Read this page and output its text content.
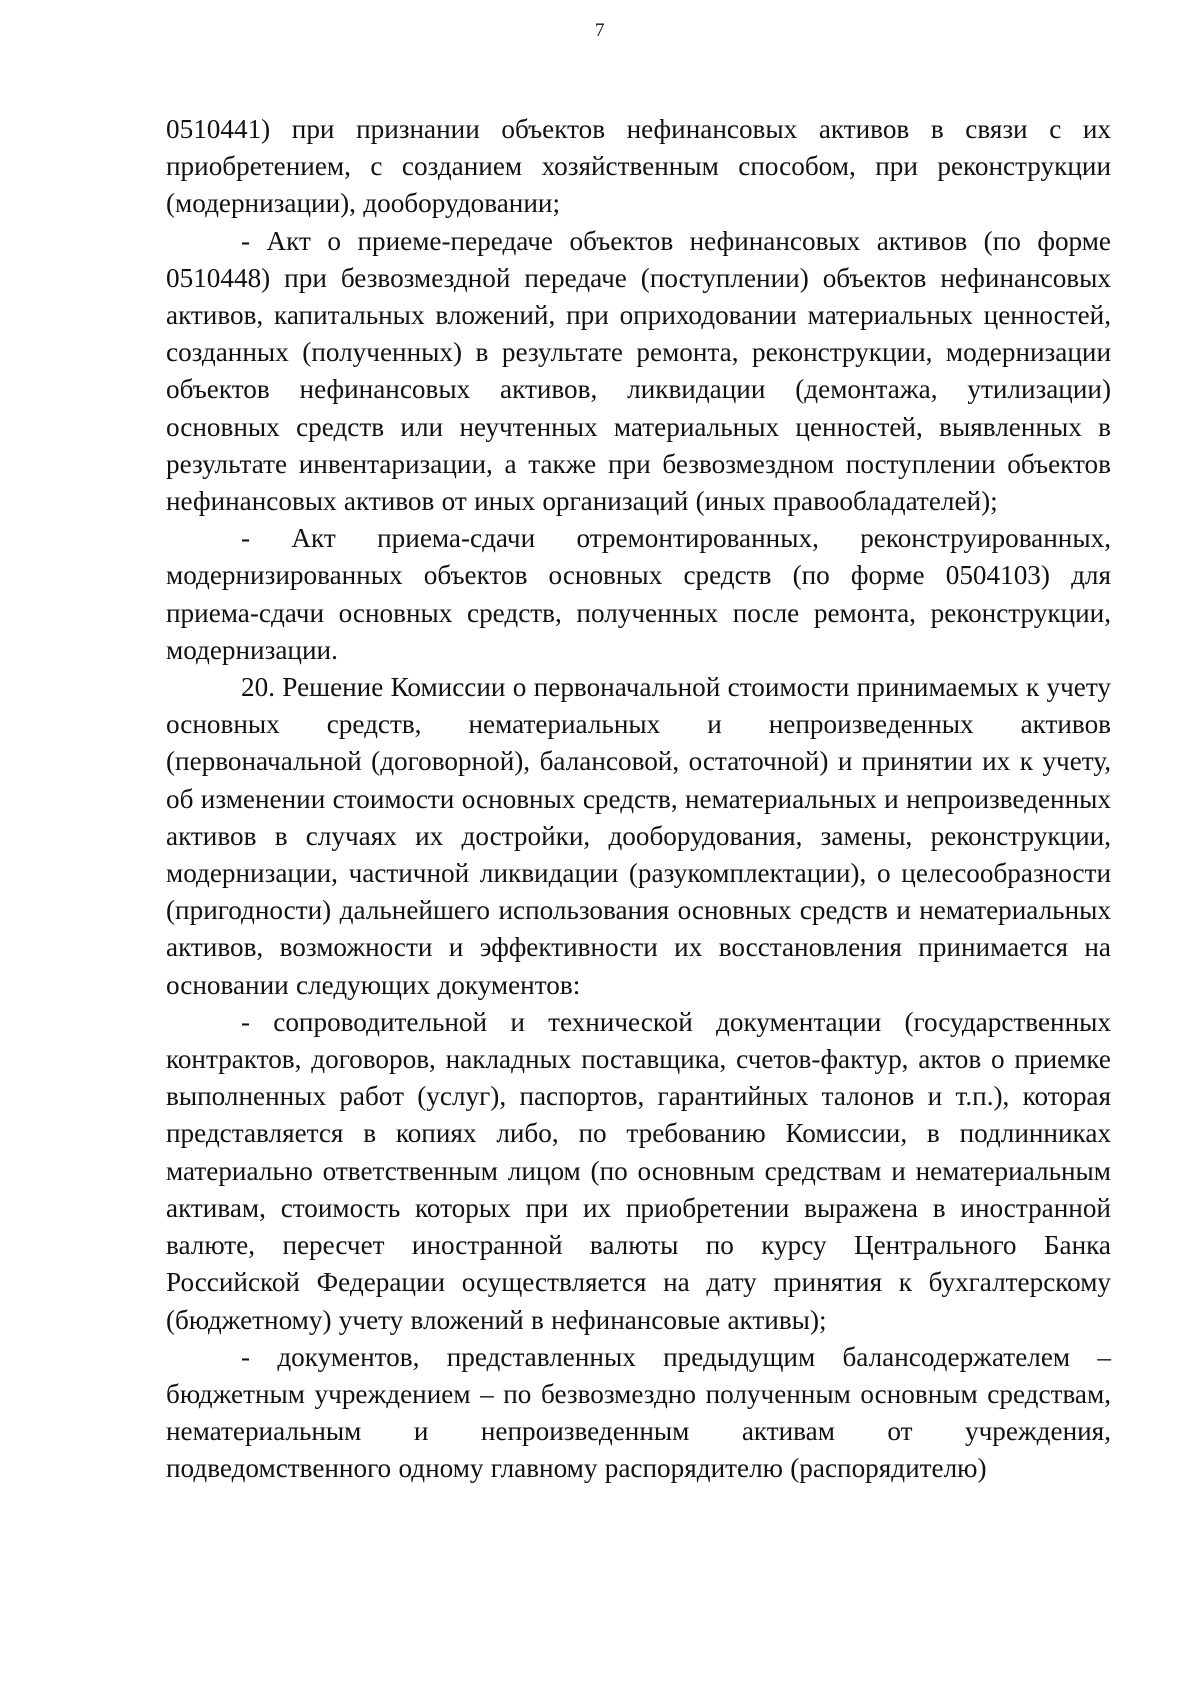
7

0510441) при признании объектов нефинансовых активов в связи с их приобретением, с созданием хозяйственным способом, при реконструкции (модернизации), дооборудовании;

- Акт о приеме-передаче объектов нефинансовых активов (по форме 0510448) при безвозмездной передаче (поступлении) объектов нефинансовых активов, капитальных вложений, при оприходовании материальных ценностей, созданных (полученных) в результате ремонта, реконструкции, модернизации объектов нефинансовых активов, ликвидации (демонтажа, утилизации) основных средств или неучтенных материальных ценностей, выявленных в результате инвентаризации, а также при безвозмездном поступлении объектов нефинансовых активов от иных организаций (иных правообладателей);

- Акт приема-сдачи отремонтированных, реконструированных, модернизированных объектов основных средств (по форме 0504103) для приема-сдачи основных средств, полученных после ремонта, реконструкции, модернизации.

20. Решение Комиссии о первоначальной стоимости принимаемых к учету основных средств, нематериальных и непроизведенных активов (первоначальной (договорной), балансовой, остаточной) и принятии их к учету, об изменении стоимости основных средств, нематериальных и непроизведенных активов в случаях их достройки, дооборудования, замены, реконструкции, модернизации, частичной ликвидации (разукомплектации), о целесообразности (пригодности) дальнейшего использования основных средств и нематериальных активов, возможности и эффективности их восстановления принимается на основании следующих документов:

- сопроводительной и технической документации (государственных контрактов, договоров, накладных поставщика, счетов-фактур, актов о приемке выполненных работ (услуг), паспортов, гарантийных талонов и т.п.), которая представляется в копиях либо, по требованию Комиссии, в подлинниках материально ответственным лицом (по основным средствам и нематериальным активам, стоимость которых при их приобретении выражена в иностранной валюте, пересчет иностранной валюты по курсу Центрального Банка Российской Федерации осуществляется на дату принятия к бухгалтерскому (бюджетному) учету вложений в нефинансовые активы);

- документов, представленных предыдущим балансодержателем – бюджетным учреждением – по безвозмездно полученным основным средствам, нематериальным и непроизведенным активам от учреждения, подведомственного одному главному распорядителю (распорядителю)
